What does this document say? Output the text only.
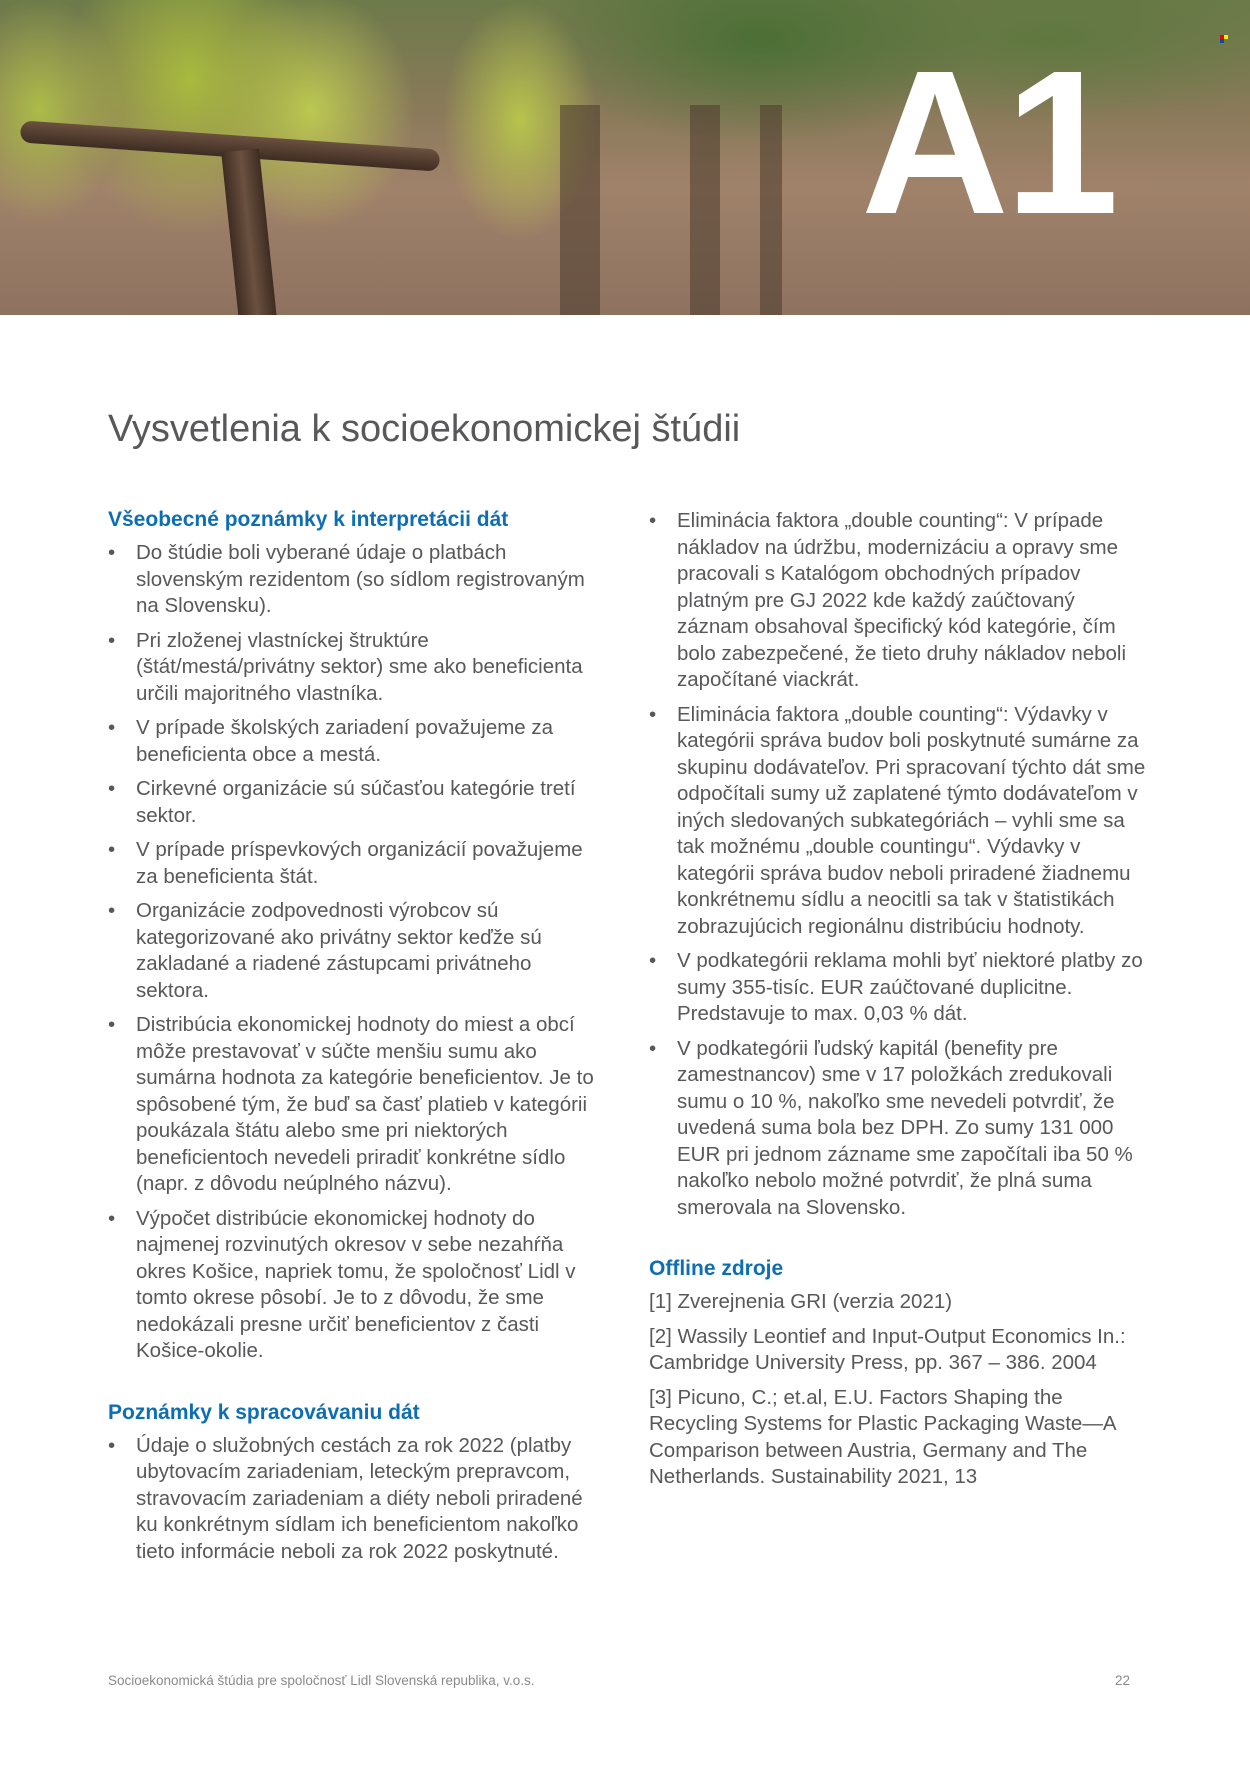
A1
Vysvetlenia k socioekonomickej štúdii
Všeobecné poznámky k interpretácii dát
• Do štúdie boli vyberané údaje o platbách slovenským rezidentom (so sídlom registrovaným na Slovensku).
• Pri zloženej vlastníckej štruktúre (štát/mestá/privátny sektor) sme ako beneficienta určili majoritného vlastníka.
• V prípade školských zariadení považujeme za beneficienta obce a mestá.
• Cirkevné organizácie sú súčasťou kategórie tretí sektor.
• V prípade príspevkových organizácií považujeme za beneficienta štát.
• Organizácie zodpovednosti výrobcov sú kategorizované ako privátny sektor keďže sú zakladané a riadené zástupcami privátneho sektora.
• Distribúcia ekonomickej hodnoty do miest a obcí môže prestavovať v súčte menšiu sumu ako sumárna hodnota za kategórie beneficientov. Je to spôsobené tým, že buď sa časť platieb v kategórii poukázala štátu alebo sme pri niektorých beneficientoch nevedeli priradiť konkrétne sídlo (napr. z dôvodu neúplného názvu).
• Výpočet distribúcie ekonomickej hodnoty do najmenej rozvinutých okresov v sebe nezahŕňa okres Košice, napriek tomu, že spoločnosť Lidl v tomto okrese pôsobí. Je to z dôvodu, že sme nedokázali presne určiť beneficientov z časti Košice-okolie.
Poznámky k spracovávaniu dát
• Údaje o služobných cestách za rok 2022 (platby ubytovacím zariadeniam, leteckým prepravcom, stravovacím zariadeniam a diéty neboli priradené ku konkrétnym sídlam ich beneficientom nakoľko tieto informácie neboli za rok 2022 poskytnuté.
• Eliminácia faktora „double counting“: V prípade nákladov na údržbu, modernizáciu a opravy sme pracovali s Katalógom obchodných prípadov platným pre GJ 2022 kde každý zaúčtovaný záznam obsahoval špecifický kód kategórie, čím bolo zabezpečené, že tieto druhy nákladov neboli započítané viackrát.
• Eliminácia faktora „double counting“: Výdavky v kategórii správa budov boli poskytnuté sumárne za skupinu dodávateľov. Pri spracovaní týchto dát sme odpočítali sumy už zaplatené týmto dodávateľom v iných sledovaných subkategóriách – vyhli sme sa tak možnému „double countingu“. Výdavky v kategórii správa budov neboli priradené žiadnemu konkrétnemu sídlu a neocitli sa tak v štatistikách zobrazujúcich regionálnu distribúciu hodnoty.
• V podkategórii reklama mohli byť niektoré platby zo sumy 355-tisíc. EUR zaúčtované duplicitne. Predstavuje to max. 0,03 % dát.
• V podkategórii ľudský kapitál (benefity pre zamestnancov) sme v 17 položkách zredukovali sumu o 10 %, nakoľko sme nevedeli potvrdiť, že uvedená suma bola bez DPH. Zo sumy 131 000 EUR pri jednom zázname sme započítali iba 50 % nakoľko nebolo možné potvrdiť, že plná suma smerovala na Slovensko.
Offline zdroje

[1] Zverejnenia GRI (verzia 2021)

[2] Wassily Leontief and Input-Output Economics In.: Cambridge University Press, pp. 367 – 386. 2004

[3] Picuno, C.; et.al, E.U. Factors Shaping the Recycling Systems for Plastic Packaging Waste—A Comparison between Austria, Germany and The Netherlands. Sustainability 2021, 13

Socioekonomická štúdia pre spoločnosť Lidl Slovenská republika, v.o.s.	22
